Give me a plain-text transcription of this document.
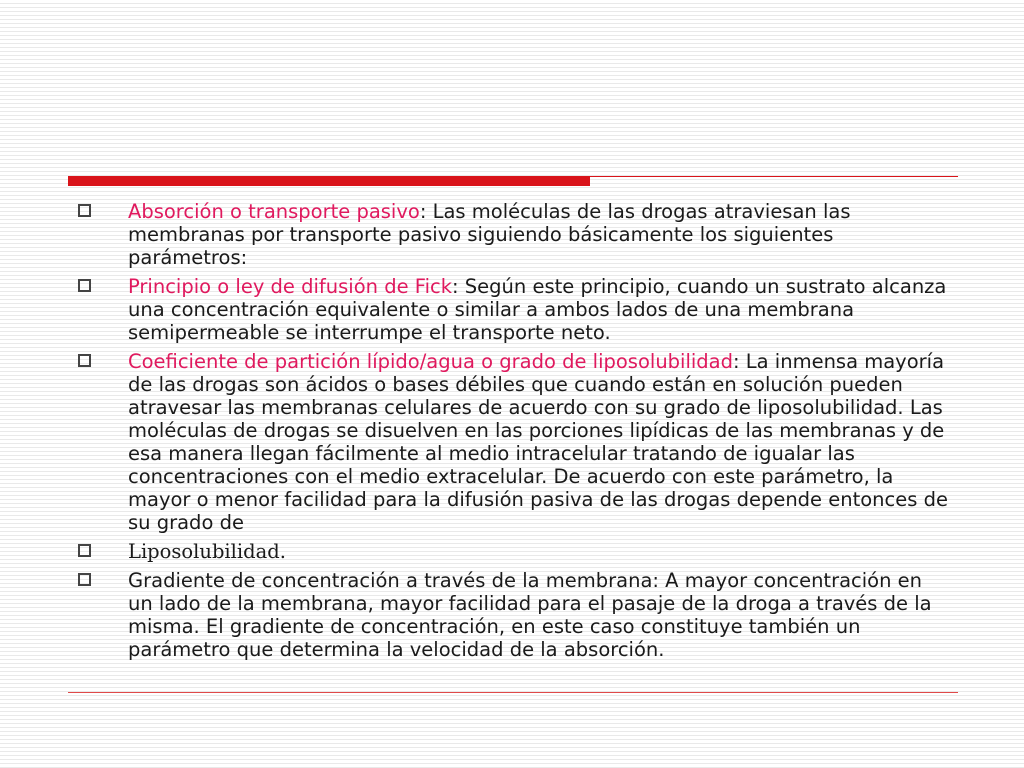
Absorción o transporte pasivo: Las moléculas de las drogas atraviesan las membranas por transporte pasivo siguiendo básicamente los siguientes parámetros:
Principio o ley de difusión de Fick: Según este principio, cuando un sustrato alcanza una concentración equivalente o similar a ambos lados de una membrana semipermeable se interrumpe el transporte neto.
Coeficiente de partición lípido/agua o grado de liposolubilidad: La inmensa mayoría de las drogas son ácidos o bases débiles que cuando están en solución pueden atravesar las membranas celulares de acuerdo con su grado de liposolubilidad. Las moléculas de drogas se disuelven en las porciones lipídicas de las membranas y de esa manera llegan fácilmente al medio intracelular tratando de igualar las concentraciones con el medio extracelular. De acuerdo con este parámetro, la mayor o menor facilidad para la difusión pasiva de las drogas depende entonces de su grado de
Liposolubilidad.
Gradiente de concentración a través de la membrana: A mayor concentración en un lado de la membrana, mayor facilidad para el pasaje de la droga a través de la misma. El gradiente de concentración, en este caso constituye también un parámetro que determina la velocidad de la absorción.
